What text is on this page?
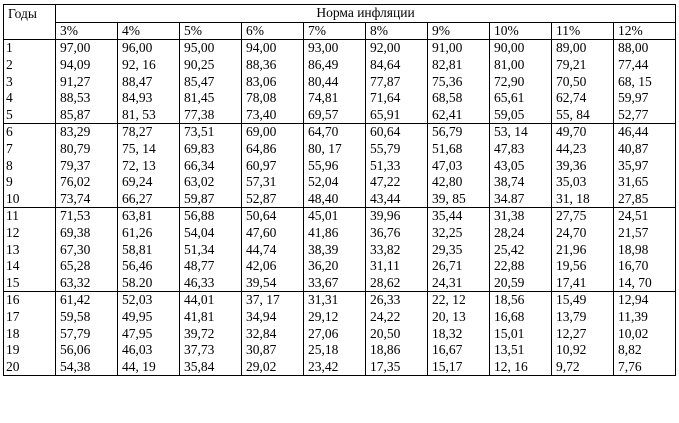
Годы	Норма инфляции									
	3%	4%	5%	6%	7%	8%	9%	10%	11%	12%
1	97,00	96,00	95,00	94,00	93,00	92,00	91,00	90,00	89,00	88,00
2	94,09	92, 16	90,25	88,36	86,49	84,64	82,81	81,00	79,21	77,44
3	91,27	88,47	85,47	83,06	80,44	77,87	75,36	72,90	70,50	68, 15
4	88,53	84,93	81,45	78,08	74,81	71,64	68,58	65,61	62,74	59,97
5	85,87	81, 53	77,38	73,40	69,57	65,91	62,41	59,05	55, 84	52,77
6	83,29	78,27	73,51	69,00	64,70	60,64	56,79	53, 14	49,70	46,44
7	80,79	75, 14	69,83	64,86	80, 17	55,79	51,68	47,83	44,23	40,87
8	79,37	72, 13	66,34	60,97	55,96	51,33	47,03	43,05	39,36	35,97
9	76,02	69,24	63,02	57,31	52,04	47,22	42,80	38,74	35,03	31,65
10	73,74	66,27	59,87	52,87	48,40	43,44	39, 85	34.87	31, 18	27,85
11	71,53	63,81	56,88	50,64	45,01	39,96	35,44	31,38	27,75	24,51
12	69,38	61,26	54,04	47,60	41,86	36,76	32,25	28,24	24,70	21,57
13	67,30	58,81	51,34	44,74	38,39	33,82	29,35	25,42	21,96	18,98
14	65,28	56,46	48,77	42,06	36,20	31,11	26,71	22,88	19,56	16,70
15	63,32	58.20	46,33	39,54	33,67	28,62	24,31	20,59	17,41	14, 70
16	61,42	52,03	44,01	37, 17	31,31	26,33	22, 12	18,56	15,49	12,94
17	59,58	49,95	41,81	34,94	29,12	24,22	20, 13	16,68	13,79	11,39
18	57,79	47,95	39,72	32,84	27,06	20,50	18,32	15,01	12,27	10,02
19	56,06	46,03	37,73	30,87	25,18	18,86	16,67	13,51	10,92	8,82
20	54,38	44, 19	35,84	29,02	23,42	17,35	15,17	12, 16	9,72	7,76
